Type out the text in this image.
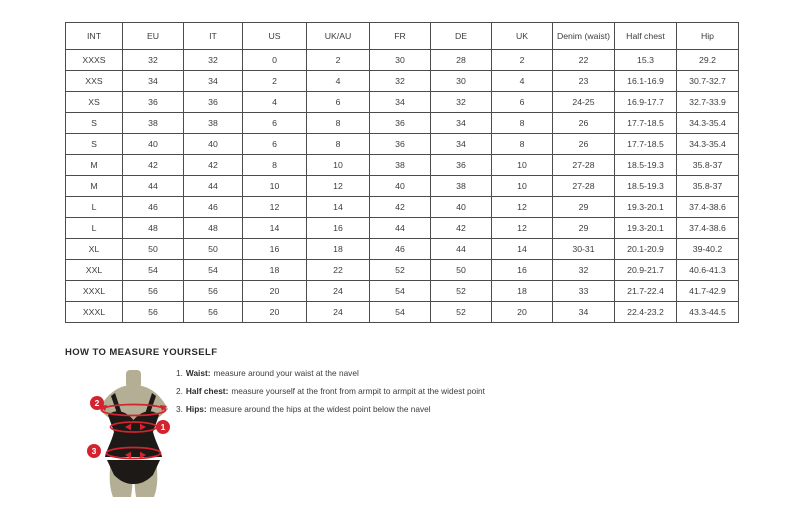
INT	EU	IT	US	UK/AU	FR	DE	UK	Denim (waist)	Half chest	Hip
XXXS	32	32	0	2	30	28	2	22	15.3	29.2
XXS	34	34	2	4	32	30	4	23	16.1-16.9	30.7-32.7
XS	36	36	4	6	34	32	6	24-25	16.9-17.7	32.7-33.9
S	38	38	6	8	36	34	8	26	17.7-18.5	34.3-35.4
S	40	40	6	8	36	34	8	26	17.7-18.5	34.3-35.4
M	42	42	8	10	38	36	10	27-28	18.5-19.3	35.8-37
M	44	44	10	12	40	38	10	27-28	18.5-19.3	35.8-37
L	46	46	12	14	42	40	12	29	19.3-20.1	37.4-38.6
L	48	48	14	16	44	42	12	29	19.3-20.1	37.4-38.6
XL	50	50	16	18	46	44	14	30-31	20.1-20.9	39-40.2
XXL	54	54	18	22	52	50	16	32	20.9-21.7	40.6-41.3
XXXL	56	56	20	24	54	52	18	33	21.7-22.4	41.7-42.9
XXXL	56	56	20	24	54	52	20	34	22.4-23.2	43.3-44.5
HOW TO MEASURE YOURSELF
2
1
3
1. Waist: measure around your waist at the navel
2. Half chest: measure yourself at the front from armpit to armpit at the widest point
3. Hips: measure around the hips at the widest point below the navel
